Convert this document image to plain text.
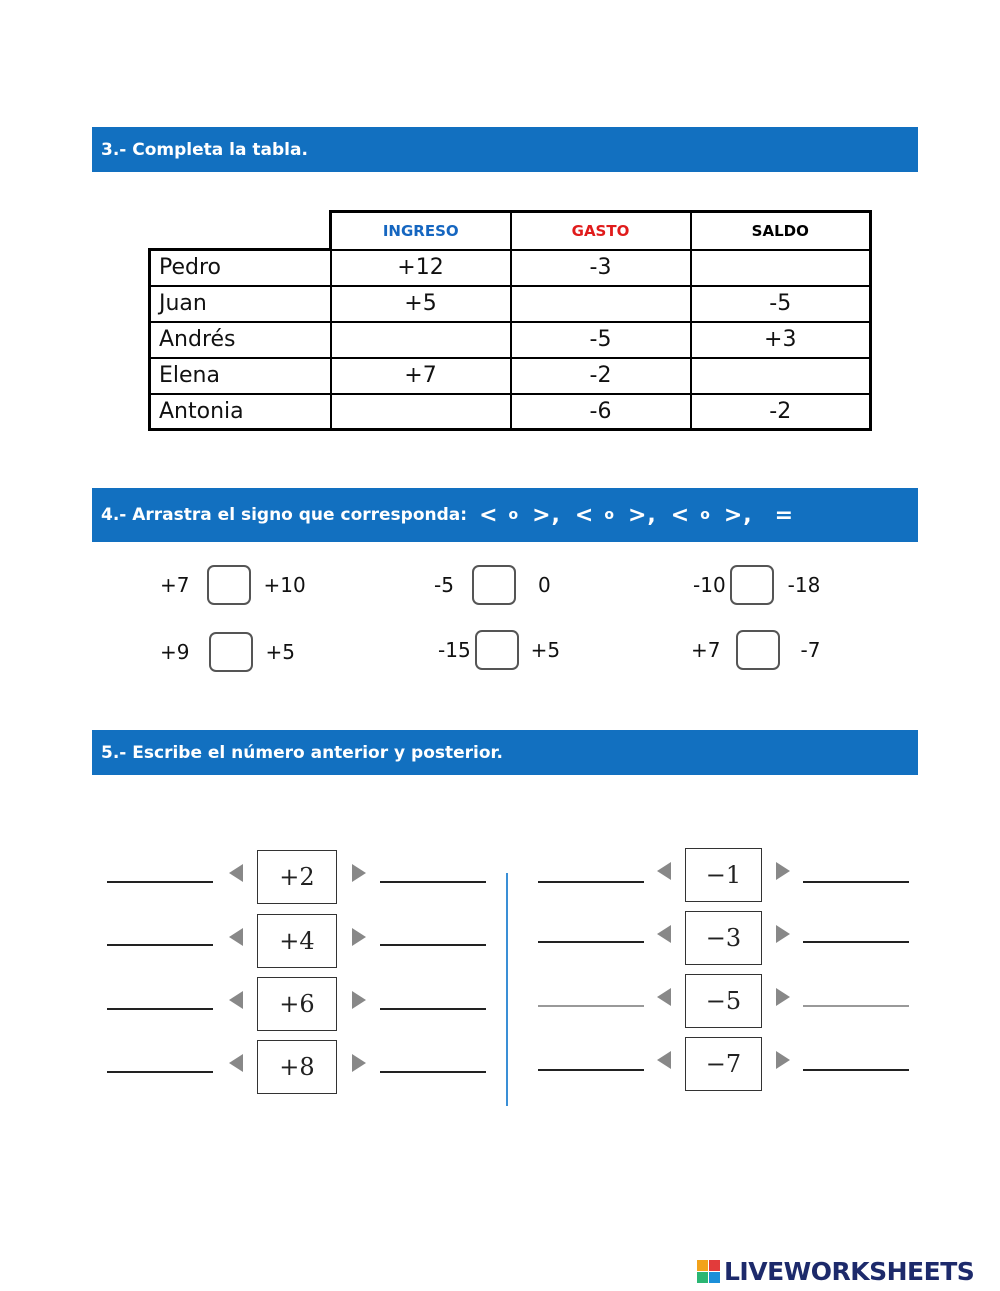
3.- Completa la tabla.
	INGRESO	GASTO	SALDO
Pedro	+12	-3	
Juan	+5		-5
Andrés		-5	+3
Elena	+7	-2	
Antonia		-6	-2
4.- Arrastra el signo que corresponda: < o >, < o >, < o >, =
+7	+10	-5	0	-10	-18
+9	+5	-15	+5	+7	-7
5.- Escribe el número anterior y posterior.
+2
+4
+6
+8
−1
−3
−5
−7
LIVEWORKSHEETS
